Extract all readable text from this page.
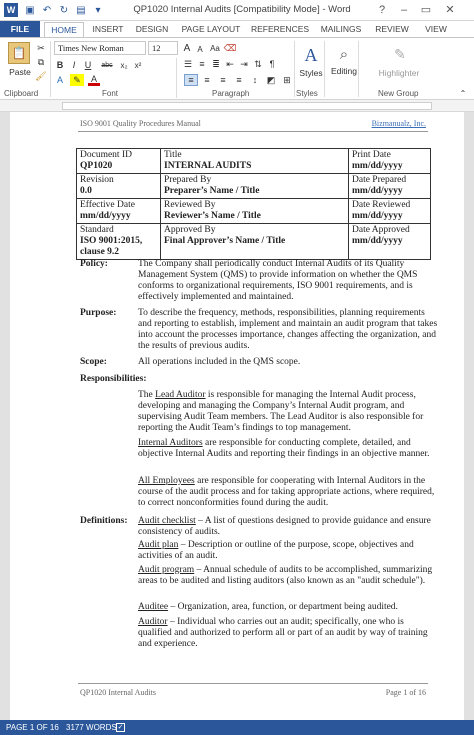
W ▣ ↶ ↻ ▤ ▾	QP1020 Internal Audits [Compatibility Mode] - Word	?	–	▭	✕
FILE	HOME	INSERT	DESIGN	PAGE LAYOUT	REFERENCES	MAILINGS	REVIEW	VIEW
📋
Paste
✂
⧉
🖌
Clipboard
Times New Roman	12	A A Aa ⌫
B	I	U	abc x₂ x²
A	✎	A
Font
☰ ≡ ≣ ⇤ ⇥ ⇅ ¶
≡	≡	≡	≡	↕	◩ ⊞
Paragraph
A
Styles
Styles
⌕
Editing
✎
Highlighter
New Group	⌃
ISO 9001 Quality Procedures Manual	Bizmanualz, Inc.
Document ID
QP1020	Title
INTERNAL AUDITS	Print Date
mm/dd/yyyy

Revision
0.0	Prepared By
Preparer’s Name / Title	Date Prepared
mm/dd/yyyy

Effective Date
mm/dd/yyyy	Reviewed By
Reviewer’s Name / Title	Date Reviewed
mm/dd/yyyy

Standard
ISO 9001:2015, clause 9.2	Approved By
Final Approver’s Name / Title	Date Approved
mm/dd/yyyy
Policy:	The Company shall periodically conduct Internal Audits of its Quality Management System (QMS) to provide information on whether the QMS conforms to organizational requirements, ISO 9001 requirements, and is effectively implemented and maintained.
Purpose: To describe the frequency, methods, responsibilities, planning requirements and reporting to establish, implement and maintain an audit program that takes into account the processes importance, changes affecting the organization, and the results of previous audits.
Scope:	All operations included in the QMS scope.
Responsibilities:
The Lead Auditor is responsible for managing the Internal Audit process, developing and managing the Company’s Internal Audit program, and supervising Audit Team members. The Lead Auditor is also responsible for reporting the Audit Team’s findings to top management.
Internal Auditors are responsible for conducting complete, detailed, and objective Internal Audits and reporting their findings in an objective manner.
All Employees are responsible for cooperating with Internal Auditors in the course of the audit process and for taking appropriate actions, where required, to correct nonconformities found during the audit.
Definitions: Audit checklist – A list of questions designed to provide guidance and ensure consistency of audits.
Audit plan – Description or outline of the purpose, scope, objectives and activities of an audit.
Audit program – Annual schedule of audits to be accomplished, summarizing areas to be audited and listing auditors (also known as an "audit schedule").
Auditee – Organization, area, function, or department being audited.
Auditor – Individual who carries out an audit; specifically, one who is qualified and authorized to perform all or part of an audit by way of training and experience.
QP1020 Internal Audits	Page 1 of 16
PAGE 1 OF 16 3177 WORDS ✓
